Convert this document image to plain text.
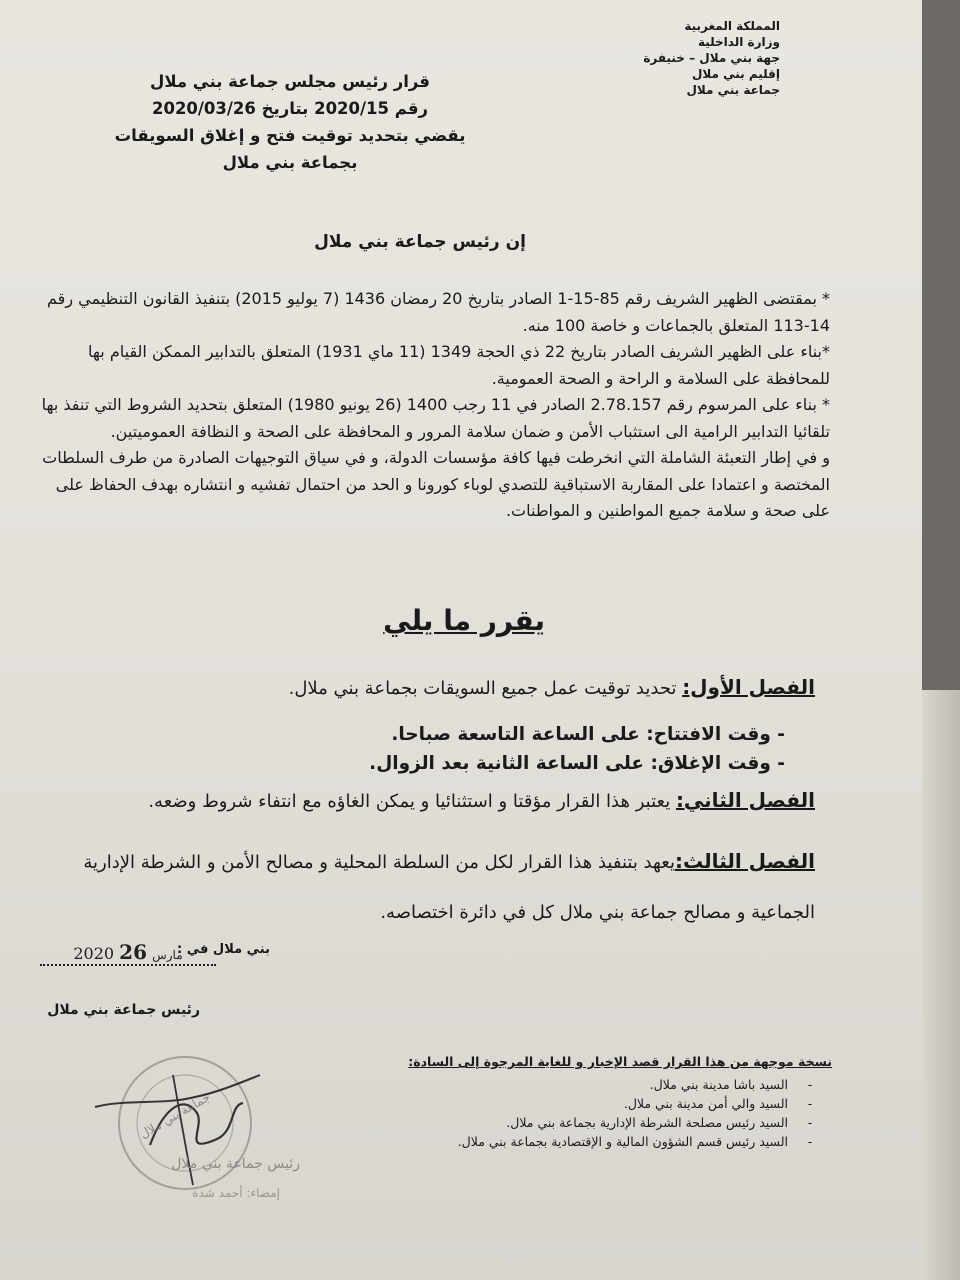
المملكة المغربية
وزارة الداخلية
جهة بني ملال – خنيفرة
إقليم بني ملال
جماعة بني ملال
قرار رئيس مجلس جماعة بني ملال
رقم 2020/15 بتاريخ 2020/03/26
يقضي بتحديد توقيت فتح و إغلاق السويقات
بجماعة بني ملال
إن رئيس جماعة بني ملال

* بمقتضى الظهير الشريف رقم 85-15-1 الصادر بتاريخ 20 رمضان 1436 (7 يوليو 2015) بتنفيذ القانون التنظيمي رقم 14-113 المتعلق بالجماعات و خاصة 100 منه.

*بناء على الظهير الشريف الصادر بتاريخ 22 ذي الحجة 1349 (11 ماي 1931) المتعلق بالتدابير الممكن القيام بها للمحافظة على السلامة و الراحة و الصحة العمومية.

* بناء على المرسوم رقم 2.78.157 الصادر في 11 رجب 1400 (26 يونيو 1980) المتعلق بتحديد الشروط التي تنفذ بها تلقائيا التدابير الرامية الى استثباب الأمن و ضمان سلامة المرور و المحافظة على الصحة و النظافة العموميتين.

و في إطار التعبئة الشاملة التي انخرطت فيها كافة مؤسسات الدولة، و في سياق التوجيهات الصادرة من طرف السلطات المختصة و اعتمادا على المقاربة الاستباقية للتصدي لوباء كورونا و الحد من احتمال تفشيه و انتشاره بهدف الحفاظ على على صحة و سلامة جميع المواطنين و المواطنات.

يقرر ما يلي
الفصل الأول: تحديد توقيت عمل جميع السويقات بجماعة بني ملال.
- وقت الافتتاح: على الساعة التاسعة صباحا.
- وقت الإغلاق: على الساعة الثانية بعد الزوال.
الفصل الثاني: يعتبر هذا القرار مؤقتا و استثنائيا و يمكن الغاؤه مع انتفاء شروط وضعه.
الفصل الثالث:يعهد بتنفيذ هذا القرار لكل من السلطة المحلية و مصالح الأمن و الشرطة الإدارية الجماعية و مصالح جماعة بني ملال كل في دائرة اختصاصه.
بني ملال في :
2020	مارس 26
رئيس جماعة بني ملال
نسخة موجهة من هذا القرار قصد الإخبار و للغاية المرجوة إلى السادة:
- السيد باشا مدينة بني ملال.
- السيد والي أمن مدينة بني ملال.
- السيد رئيس مصلحة الشرطة الإدارية بجماعة بني ملال.
- السيد رئيس قسم الشؤون المالية و الإقتصادية بجماعة بني ملال.
جماعة بني ملال
رئيس جماعة بني ملال
إمضاء: أحمد شدة
